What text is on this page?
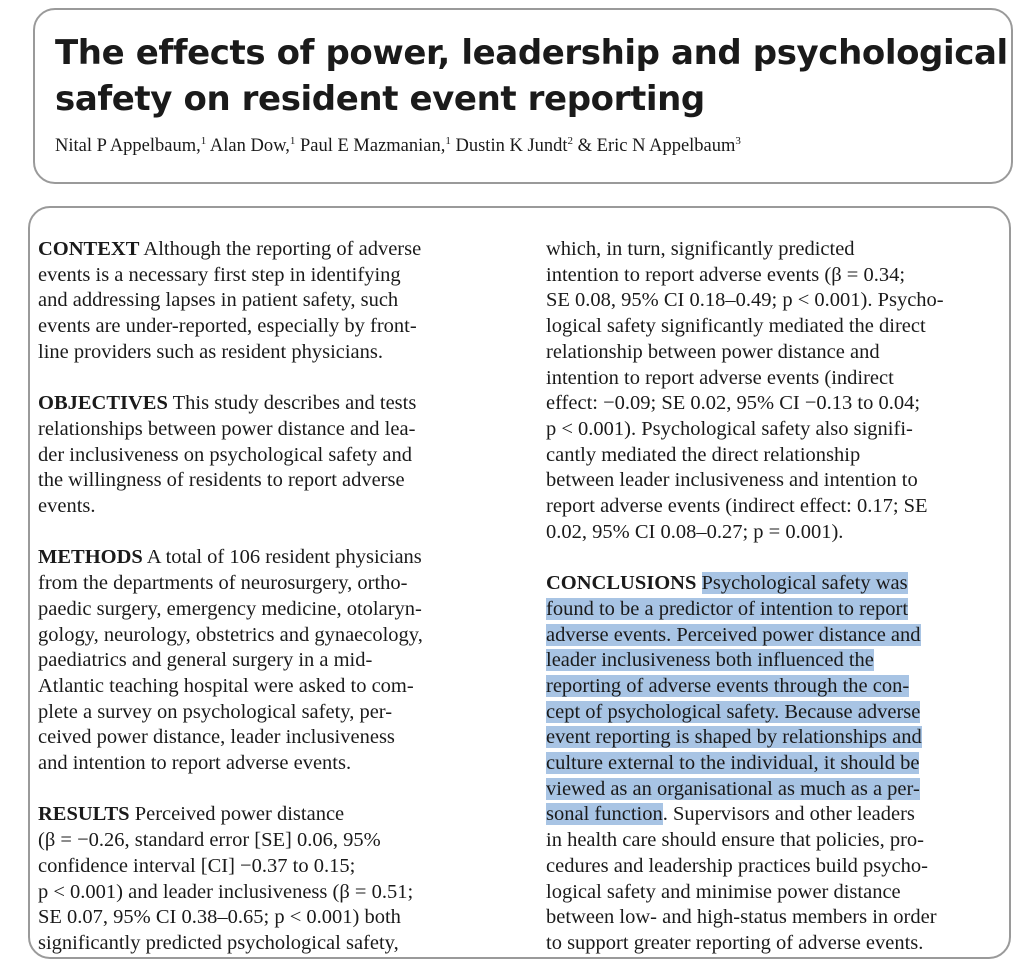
The effects of power, leadership and psychological
safety on resident event reporting
Nital P Appelbaum,$^1$ Alan Dow,$^1$ Paul E Mazmanian,$^1$ Dustin K Jundt$^2$ & Eric N Appelbaum$^3$

CONTEXT Although the reporting of adverse
events is a necessary first step in identifying
and addressing lapses in patient safety, such
events are under-reported, especially by front-
line providers such as resident physicians.

OBJECTIVES This study describes and tests
relationships between power distance and lea-
der inclusiveness on psychological safety and
the willingness of residents to report adverse
events.

METHODS A total of 106 resident physicians
from the departments of neurosurgery, ortho-
paedic surgery, emergency medicine, otolaryn-
gology, neurology, obstetrics and gynaecology,
paediatrics and general surgery in a mid-
Atlantic teaching hospital were asked to com-
plete a survey on psychological safety, per-
ceived power distance, leader inclusiveness
and intention to report adverse events.

RESULTS Perceived power distance
(β = −0.26, standard error [SE] 0.06, 95%
confidence interval [CI] −0.37 to 0.15;
p < 0.001) and leader inclusiveness (β = 0.51;
SE 0.07, 95% CI 0.38–0.65; p < 0.001) both
significantly predicted psychological safety,

which, in turn, significantly predicted
intention to report adverse events (β = 0.34;
SE 0.08, 95% CI 0.18–0.49; p < 0.001). Psycho-
logical safety significantly mediated the direct
relationship between power distance and
intention to report adverse events (indirect
effect: −0.09; SE 0.02, 95% CI −0.13 to 0.04;
p < 0.001). Psychological safety also signifi-
cantly mediated the direct relationship
between leader inclusiveness and intention to
report adverse events (indirect effect: 0.17; SE
0.02, 95% CI 0.08–0.27; p = 0.001).

CONCLUSIONS Psychological safety was
found to be a predictor of intention to report
adverse events. Perceived power distance and
leader inclusiveness both influenced the
reporting of adverse events through the con-
cept of psychological safety. Because adverse
event reporting is shaped by relationships and
culture external to the individual, it should be
viewed as an organisational as much as a per-
sonal function. Supervisors and other leaders
in health care should ensure that policies, pro-
cedures and leadership practices build psycho-
logical safety and minimise power distance
between low- and high-status members in order
to support greater reporting of adverse events.
